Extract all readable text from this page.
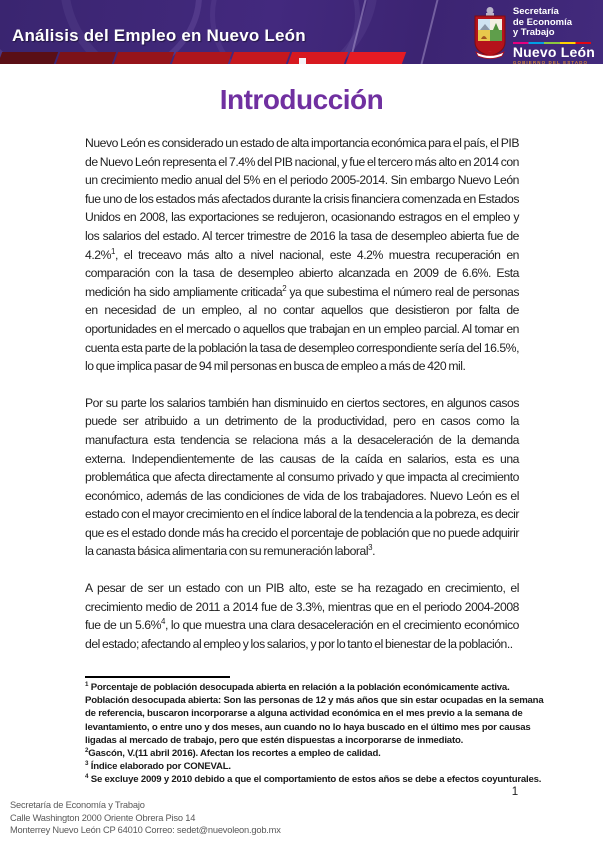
Análisis del Empleo en Nuevo León
Secretaría
de Economía
y Trabajo
Nuevo León
GOBIERNO DEL ESTADO
Introducción

Nuevo León es considerado un estado de alta importancia económica para el país, el PIB de Nuevo León representa el 7.4% del PIB nacional, y fue el tercero más alto en 2014 con un crecimiento medio anual del 5% en el periodo 2005-2014. Sin embargo Nuevo León fue uno de los estados más afectados durante la crisis financiera comenzada en Estados Unidos en 2008, las exportaciones se redujeron, ocasionando estragos en el empleo y los salarios del estado. Al tercer trimestre de 2016 la tasa de desempleo abierta fue de 4.2%$^1$, el treceavo más alto a nivel nacional, este 4.2% muestra recuperación en comparación con la tasa de desempleo abierto alcanzada en 2009 de 6.6%. Esta medición ha sido ampliamente criticada$^2$ ya que subestima el número real de personas en necesidad de un empleo, al no contar aquellos que desistieron por falta de oportunidades en el mercado o aquellos que trabajan en un empleo parcial. Al tomar en cuenta esta parte de la población la tasa de desempleo correspondiente sería del 16.5%, lo que implica pasar de 94 mil personas en busca de empleo a más de 420 mil.

Por su parte los salarios también han disminuido en ciertos sectores, en algunos casos puede ser atribuido a un detrimento de la productividad, pero en casos como la manufactura esta tendencia se relaciona más a la desaceleración de la demanda externa. Independientemente de las causas de la caída en salarios, esta es una problemática que afecta directamente al consumo privado y que impacta al crecimiento económico, además de las condiciones de vida de los trabajadores. Nuevo León es el estado con el mayor crecimiento en el índice laboral de la tendencia a la pobreza, es decir que es el estado donde más ha crecido el porcentaje de población que no puede adquirir la canasta básica alimentaria con su remuneración laboral$^3$.

A pesar de ser un estado con un PIB alto, este se ha rezagado en crecimiento, el crecimiento medio de 2011 a 2014 fue de 3.3%, mientras que en el periodo 2004-2008 fue de un 5.6%$^4$, lo que muestra una clara desaceleración en el crecimiento económico del estado; afectando al empleo y los salarios, y por lo tanto el bienestar de la población..

$^1$ Porcentaje de población desocupada abierta en relación a la población económicamente activa. Población desocupada abierta: Son las personas de 12 y más años que sin estar ocupadas en la semana de referencia, buscaron incorporarse a alguna actividad económica en el mes previo a la semana de levantamiento, o entre uno y dos meses, aun cuando no lo haya buscado en el último mes por causas ligadas al mercado de trabajo, pero que estén dispuestas a incorporarse de inmediato.

$^2$Gascón, V.(11 abril 2016). Afectan los recortes a empleo de calidad.

$^3$ Índice elaborado por CONEVAL.

$^4$ Se excluye 2009 y 2010 debido a que el comportamiento de estos años se debe a efectos coyunturales.

1
Secretaría de Economía y Trabajo
Calle Washington 2000 Oriente Obrera Piso 14
Monterrey Nuevo León CP 64010 Correo: sedet@nuevoleon.gob.mx
